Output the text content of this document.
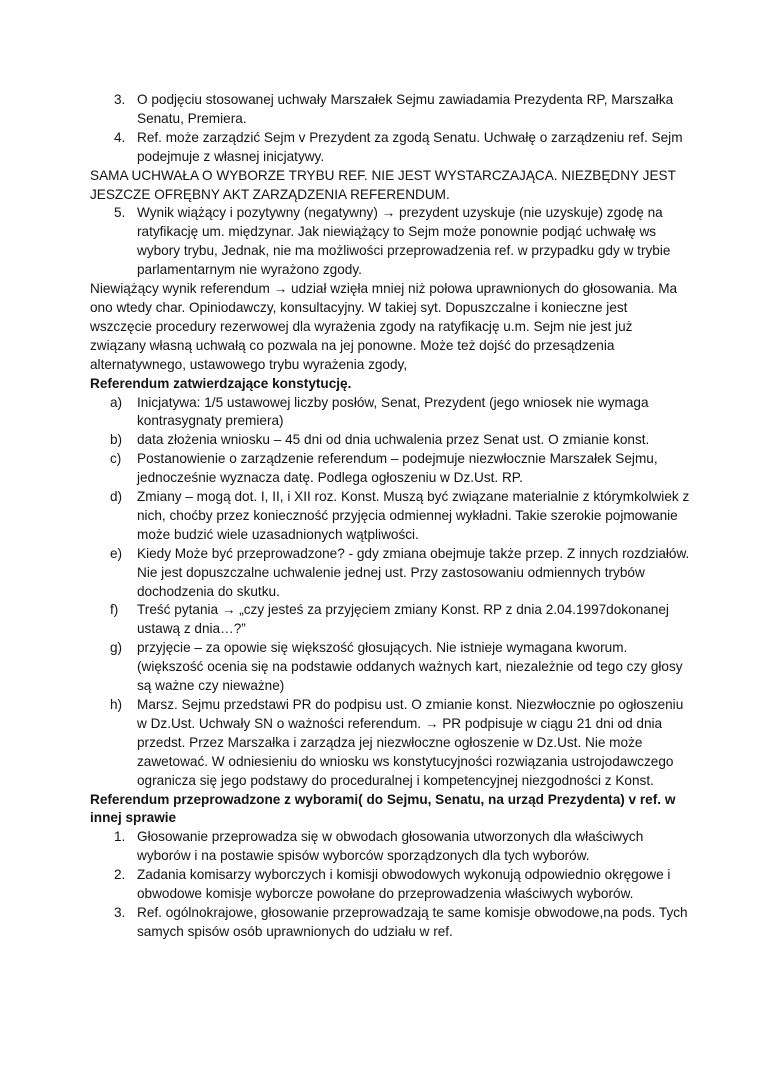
3. O podjęciu stosowanej uchwały Marszałek Sejmu zawiadamia Prezydenta RP, Marszałka Senatu, Premiera.

4. Ref. może zarządzić Sejm v Prezydent za zgodą Senatu. Uchwałę o zarządzeniu ref. Sejm podejmuje z własnej inicjatywy.

SAMA UCHWAŁA O WYBORZE TRYBU REF. NIE JEST WYSTARCZAJĄCA. NIEZBĘDNY JEST JESZCZE OFRĘBNY AKT ZARZĄDZENIA REFERENDUM.

5. Wynik wiążący i pozytywny (negatywny) → prezydent uzyskuje (nie uzyskuje) zgodę na ratyfikację um. międzynar. Jak niewiążący to Sejm może ponownie podjąć uchwałę ws wybory trybu, Jednak, nie ma możliwości przeprowadzenia ref. w przypadku gdy w trybie parlamentarnym nie wyrażono zgody.

Niewiążący wynik referendum → udział wzięła mniej niż połowa uprawnionych do głosowania. Ma ono wtedy char. Opiniodawczy, konsultacyjny. W takiej syt. Dopuszczalne i konieczne jest wszczęcie procedury rezerwowej dla wyrażenia zgody na ratyfikację u.m. Sejm nie jest już związany własną uchwałą co pozwala na jej ponowne. Może też dojść do przesądzenia alternatywnego, ustawowego trybu wyrażenia zgody,

Referendum zatwierdzające konstytucję.

a) Inicjatywa: 1/5 ustawowej liczby posłów, Senat, Prezydent (jego wniosek nie wymaga kontrasygnaty premiera)

b) data złożenia wniosku – 45 dni od dnia uchwalenia przez Senat ust. O zmianie konst.

c) Postanowienie o zarządzenie referendum – podejmuje niezwłocznie Marszałek Sejmu, jednocześnie wyznacza datę. Podlega ogłoszeniu w Dz.Ust. RP.

d) Zmiany – mogą dot. I, II, i XII roz. Konst. Muszą być związane materialnie z którymkolwiek z nich, choćby przez konieczność przyjęcia odmiennej wykładni. Takie szerokie pojmowanie może budzić wiele uzasadnionych wątpliwości.

e) Kiedy Może być przeprowadzone? - gdy zmiana obejmuje także przep. Z innych rozdziałów. Nie jest dopuszczalne uchwalenie jednej ust. Przy zastosowaniu odmiennych trybów dochodzenia do skutku.

f) Treść pytania → „czy jesteś za przyjęciem zmiany Konst. RP z dnia 2.04.1997dokonanej ustawą z dnia…?”

g) przyjęcie – za opowie się większość głosujących. Nie istnieje wymagana kworum. (większość ocenia się na podstawie oddanych ważnych kart, niezależnie od tego czy głosy są ważne czy nieważne)

h) Marsz. Sejmu przedstawi PR do podpisu ust. O zmianie konst. Niezwłocznie po ogłoszeniu w Dz.Ust. Uchwały SN o ważności referendum. → PR podpisuje w ciągu 21 dni od dnia przedst. Przez Marszałka i zarządza jej niezwłoczne ogłoszenie w Dz.Ust. Nie może zawetować. W odniesieniu do wniosku ws konstytucyjności rozwiązania ustrojodawczego ogranicza się jego podstawy do proceduralnej i kompetencyjnej niezgodności z Konst.

Referendum przeprowadzone z wyborami( do Sejmu, Senatu, na urząd Prezydenta) v ref. w innej sprawie

1. Głosowanie przeprowadza się w obwodach głosowania utworzonych dla właściwych wyborów i na postawie spisów wyborców sporządzonych dla tych wyborów.

2. Zadania komisarzy wyborczych i komisji obwodowych wykonują odpowiednio okręgowe i obwodowe komisje wyborcze powołane do przeprowadzenia właściwych wyborów.

3. Ref. ogólnokrajowe, głosowanie przeprowadzają te same komisje obwodowe,na pods. Tych samych spisów osób uprawnionych do udziału w ref.
